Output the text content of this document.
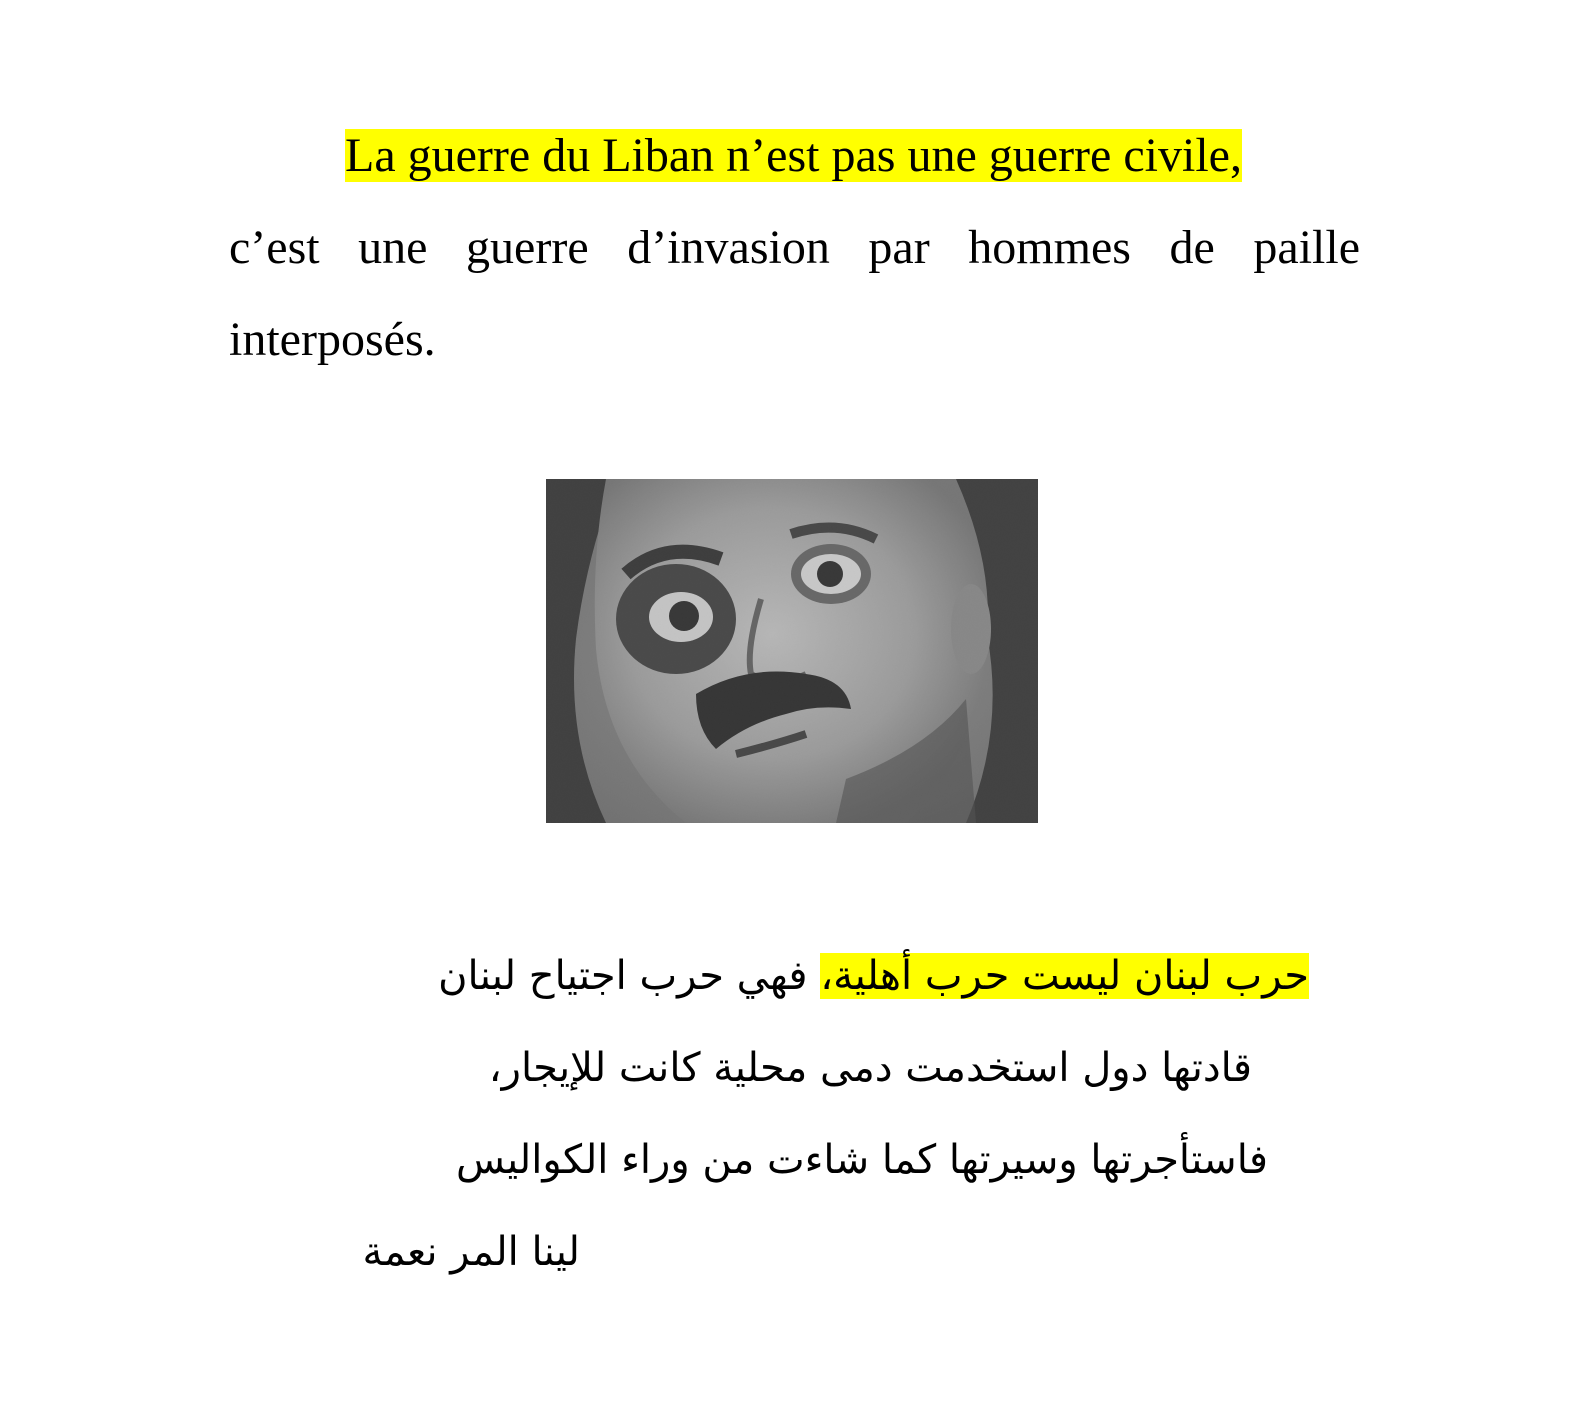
La guerre du Liban n’est pas une guerre civile,
c’est une guerre d’invasion par hommes de paille
interposés.
حرب لبنان ليست حرب أهلية، فهي حرب اجتياح لبنان
قادتها دول استخدمت دمى محلية كانت للإيجار،
فاستأجرتها وسيرتها كما شاءت من وراء الكواليس
لينا المر نعمة
